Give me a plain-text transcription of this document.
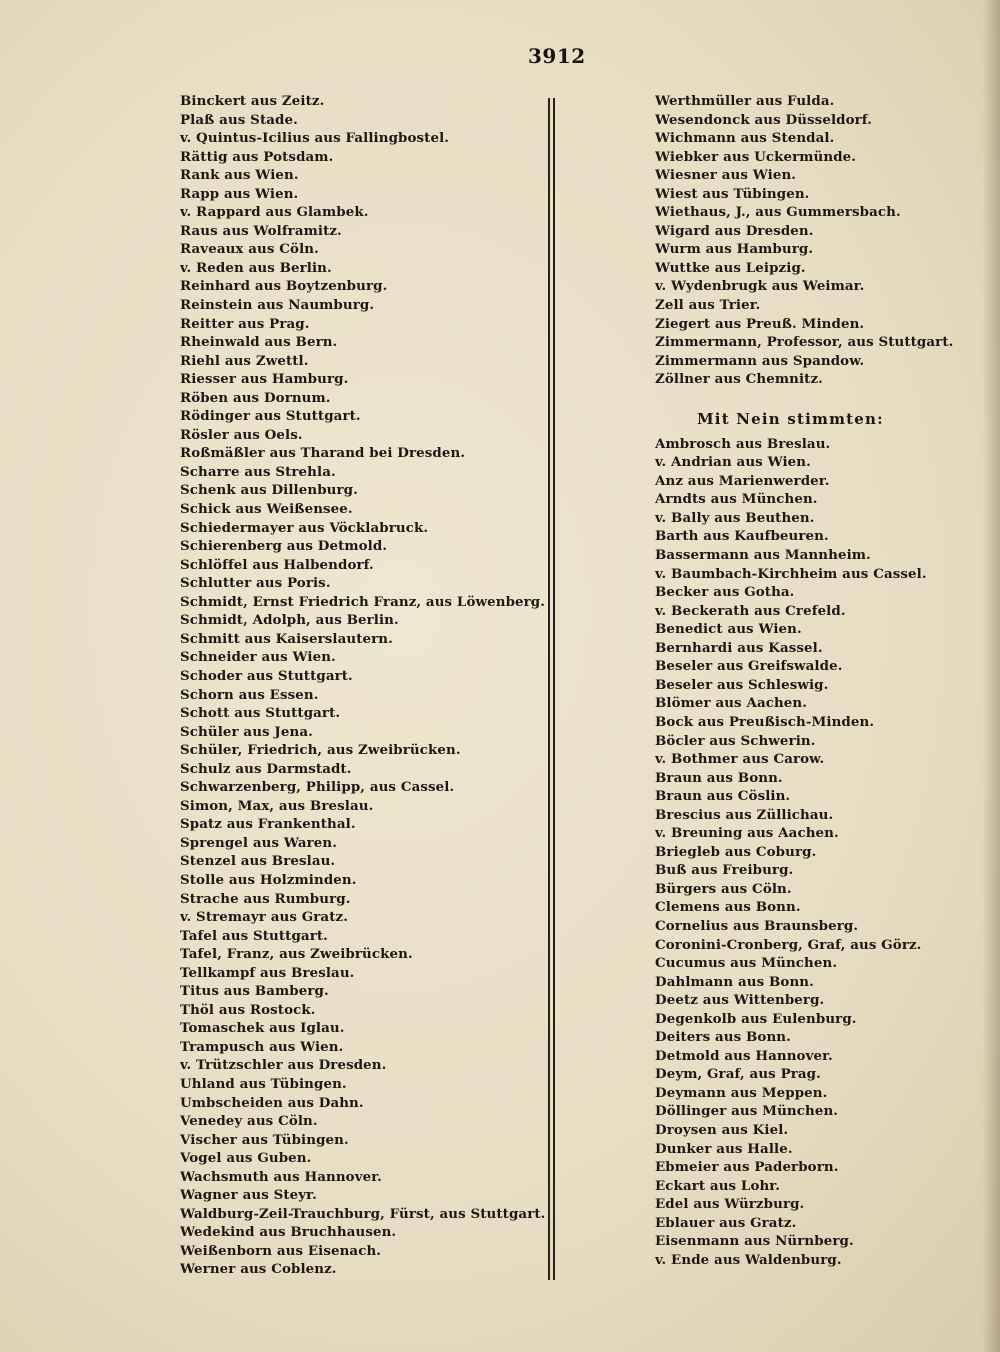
3912
Binckert aus Zeitz.
Plaß aus Stade.
v. Quintus-Icilius aus Fallingbostel.
Rättig aus Potsdam.
Rank aus Wien.
Rapp aus Wien.
v. Rappard aus Glambek.
Raus aus Wolframitz.
Raveaux aus Cöln.
v. Reden aus Berlin.
Reinhard aus Boytzenburg.
Reinstein aus Naumburg.
Reitter aus Prag.
Rheinwald aus Bern.
Riehl aus Zwettl.
Riesser aus Hamburg.
Röben aus Dornum.
Rödinger aus Stuttgart.
Rösler aus Oels.
Roßmäßler aus Tharand bei Dresden.
Scharre aus Strehla.
Schenk aus Dillenburg.
Schick aus Weißensee.
Schiedermayer aus Vöcklabruck.
Schierenberg aus Detmold.
Schlöffel aus Halbendorf.
Schlutter aus Poris.
Schmidt, Ernst Friedrich Franz, aus Löwenberg.
Schmidt, Adolph, aus Berlin.
Schmitt aus Kaiserslautern.
Schneider aus Wien.
Schoder aus Stuttgart.
Schorn aus Essen.
Schott aus Stuttgart.
Schüler aus Jena.
Schüler, Friedrich, aus Zweibrücken.
Schulz aus Darmstadt.
Schwarzenberg, Philipp, aus Cassel.
Simon, Max, aus Breslau.
Spatz aus Frankenthal.
Sprengel aus Waren.
Stenzel aus Breslau.
Stolle aus Holzminden.
Strache aus Rumburg.
v. Stremayr aus Gratz.
Tafel aus Stuttgart.
Tafel, Franz, aus Zweibrücken.
Tellkampf aus Breslau.
Titus aus Bamberg.
Thöl aus Rostock.
Tomaschek aus Iglau.
Trampusch aus Wien.
v. Trützschler aus Dresden.
Uhland aus Tübingen.
Umbscheiden aus Dahn.
Venedey aus Cöln.
Vischer aus Tübingen.
Vogel aus Guben.
Wachsmuth aus Hannover.
Wagner aus Steyr.
Waldburg-Zeil-Trauchburg, Fürst, aus Stuttgart.
Wedekind aus Bruchhausen.
Weißenborn aus Eisenach.
Werner aus Coblenz.
Werthmüller aus Fulda.
Wesendonck aus Düsseldorf.
Wichmann aus Stendal.
Wiebker aus Uckermünde.
Wiesner aus Wien.
Wiest aus Tübingen.
Wiethaus, J., aus Gummersbach.
Wigard aus Dresden.
Wurm aus Hamburg.
Wuttke aus Leipzig.
v. Wydenbrugk aus Weimar.
Zell aus Trier.
Ziegert aus Preuß. Minden.
Zimmermann, Professor, aus Stuttgart.
Zimmermann aus Spandow.
Zöllner aus Chemnitz.
Mit Nein stimmten:
Ambrosch aus Breslau.
v. Andrian aus Wien.
Anz aus Marienwerder.
Arndts aus München.
v. Bally aus Beuthen.
Barth aus Kaufbeuren.
Bassermann aus Mannheim.
v. Baumbach-Kirchheim aus Cassel.
Becker aus Gotha.
v. Beckerath aus Crefeld.
Benedict aus Wien.
Bernhardi aus Kassel.
Beseler aus Greifswalde.
Beseler aus Schleswig.
Blömer aus Aachen.
Bock aus Preußisch-Minden.
Böcler aus Schwerin.
v. Bothmer aus Carow.
Braun aus Bonn.
Braun aus Cöslin.
Brescius aus Züllichau.
v. Breuning aus Aachen.
Briegleb aus Coburg.
Buß aus Freiburg.
Bürgers aus Cöln.
Clemens aus Bonn.
Cornelius aus Braunsberg.
Coronini-Cronberg, Graf, aus Görz.
Cucumus aus München.
Dahlmann aus Bonn.
Deetz aus Wittenberg.
Degenkolb aus Eulenburg.
Deiters aus Bonn.
Detmold aus Hannover.
Deym, Graf, aus Prag.
Deymann aus Meppen.
Döllinger aus München.
Droysen aus Kiel.
Dunker aus Halle.
Ebmeier aus Paderborn.
Eckart aus Lohr.
Edel aus Würzburg.
Eblauer aus Gratz.
Eisenmann aus Nürnberg.
v. Ende aus Waldenburg.
